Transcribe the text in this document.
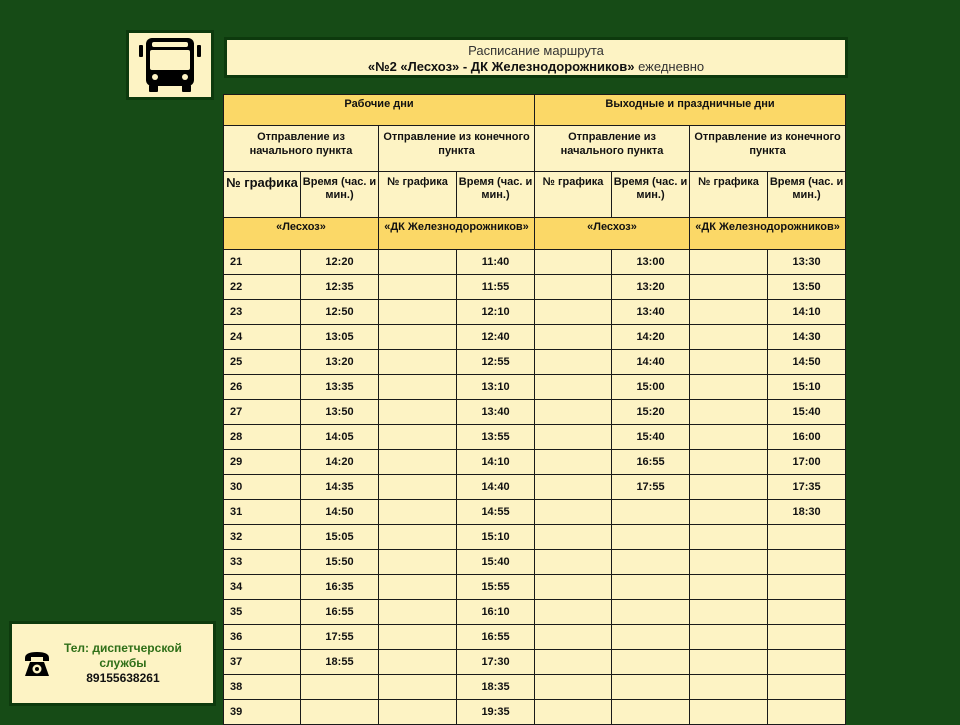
Расписание маршрута
«№2 «Лесхоз» - ДК Железнодорожников» ежедневно
Рабочие дни				Выходные и праздничные дни			
Отправление из начального пункта		Отправление из конечного пункта		Отправление из начального пункта		Отправление из конечного пункта	
№ графика	Время (час. и мин.)	№ графика	Время (час. и мин.)	№ графика	Время (час. и мин.)	№ графика	Время (час. и мин.)
«Лесхоз»		«ДК Железнодорожников»		«Лесхоз»		«ДК Железнодорожников»	
21	12:20		11:40		13:00		13:30
22	12:35		11:55		13:20		13:50
23	12:50		12:10		13:40		14:10
24	13:05		12:40		14:20		14:30
25	13:20		12:55		14:40		14:50
26	13:35		13:10		15:00		15:10
27	13:50		13:40		15:20		15:40
28	14:05		13:55		15:40		16:00
29	14:20		14:10		16:55		17:00
30	14:35		14:40		17:55		17:35
31	14:50		14:55				18:30
32	15:05		15:10				
33	15:50		15:40				
34	16:35		15:55				
35	16:55		16:10				
36	17:55		16:55				
37	18:55		17:30				
38			18:35				
39			19:35				
Тел: диспетчерской
службы
89155638261
